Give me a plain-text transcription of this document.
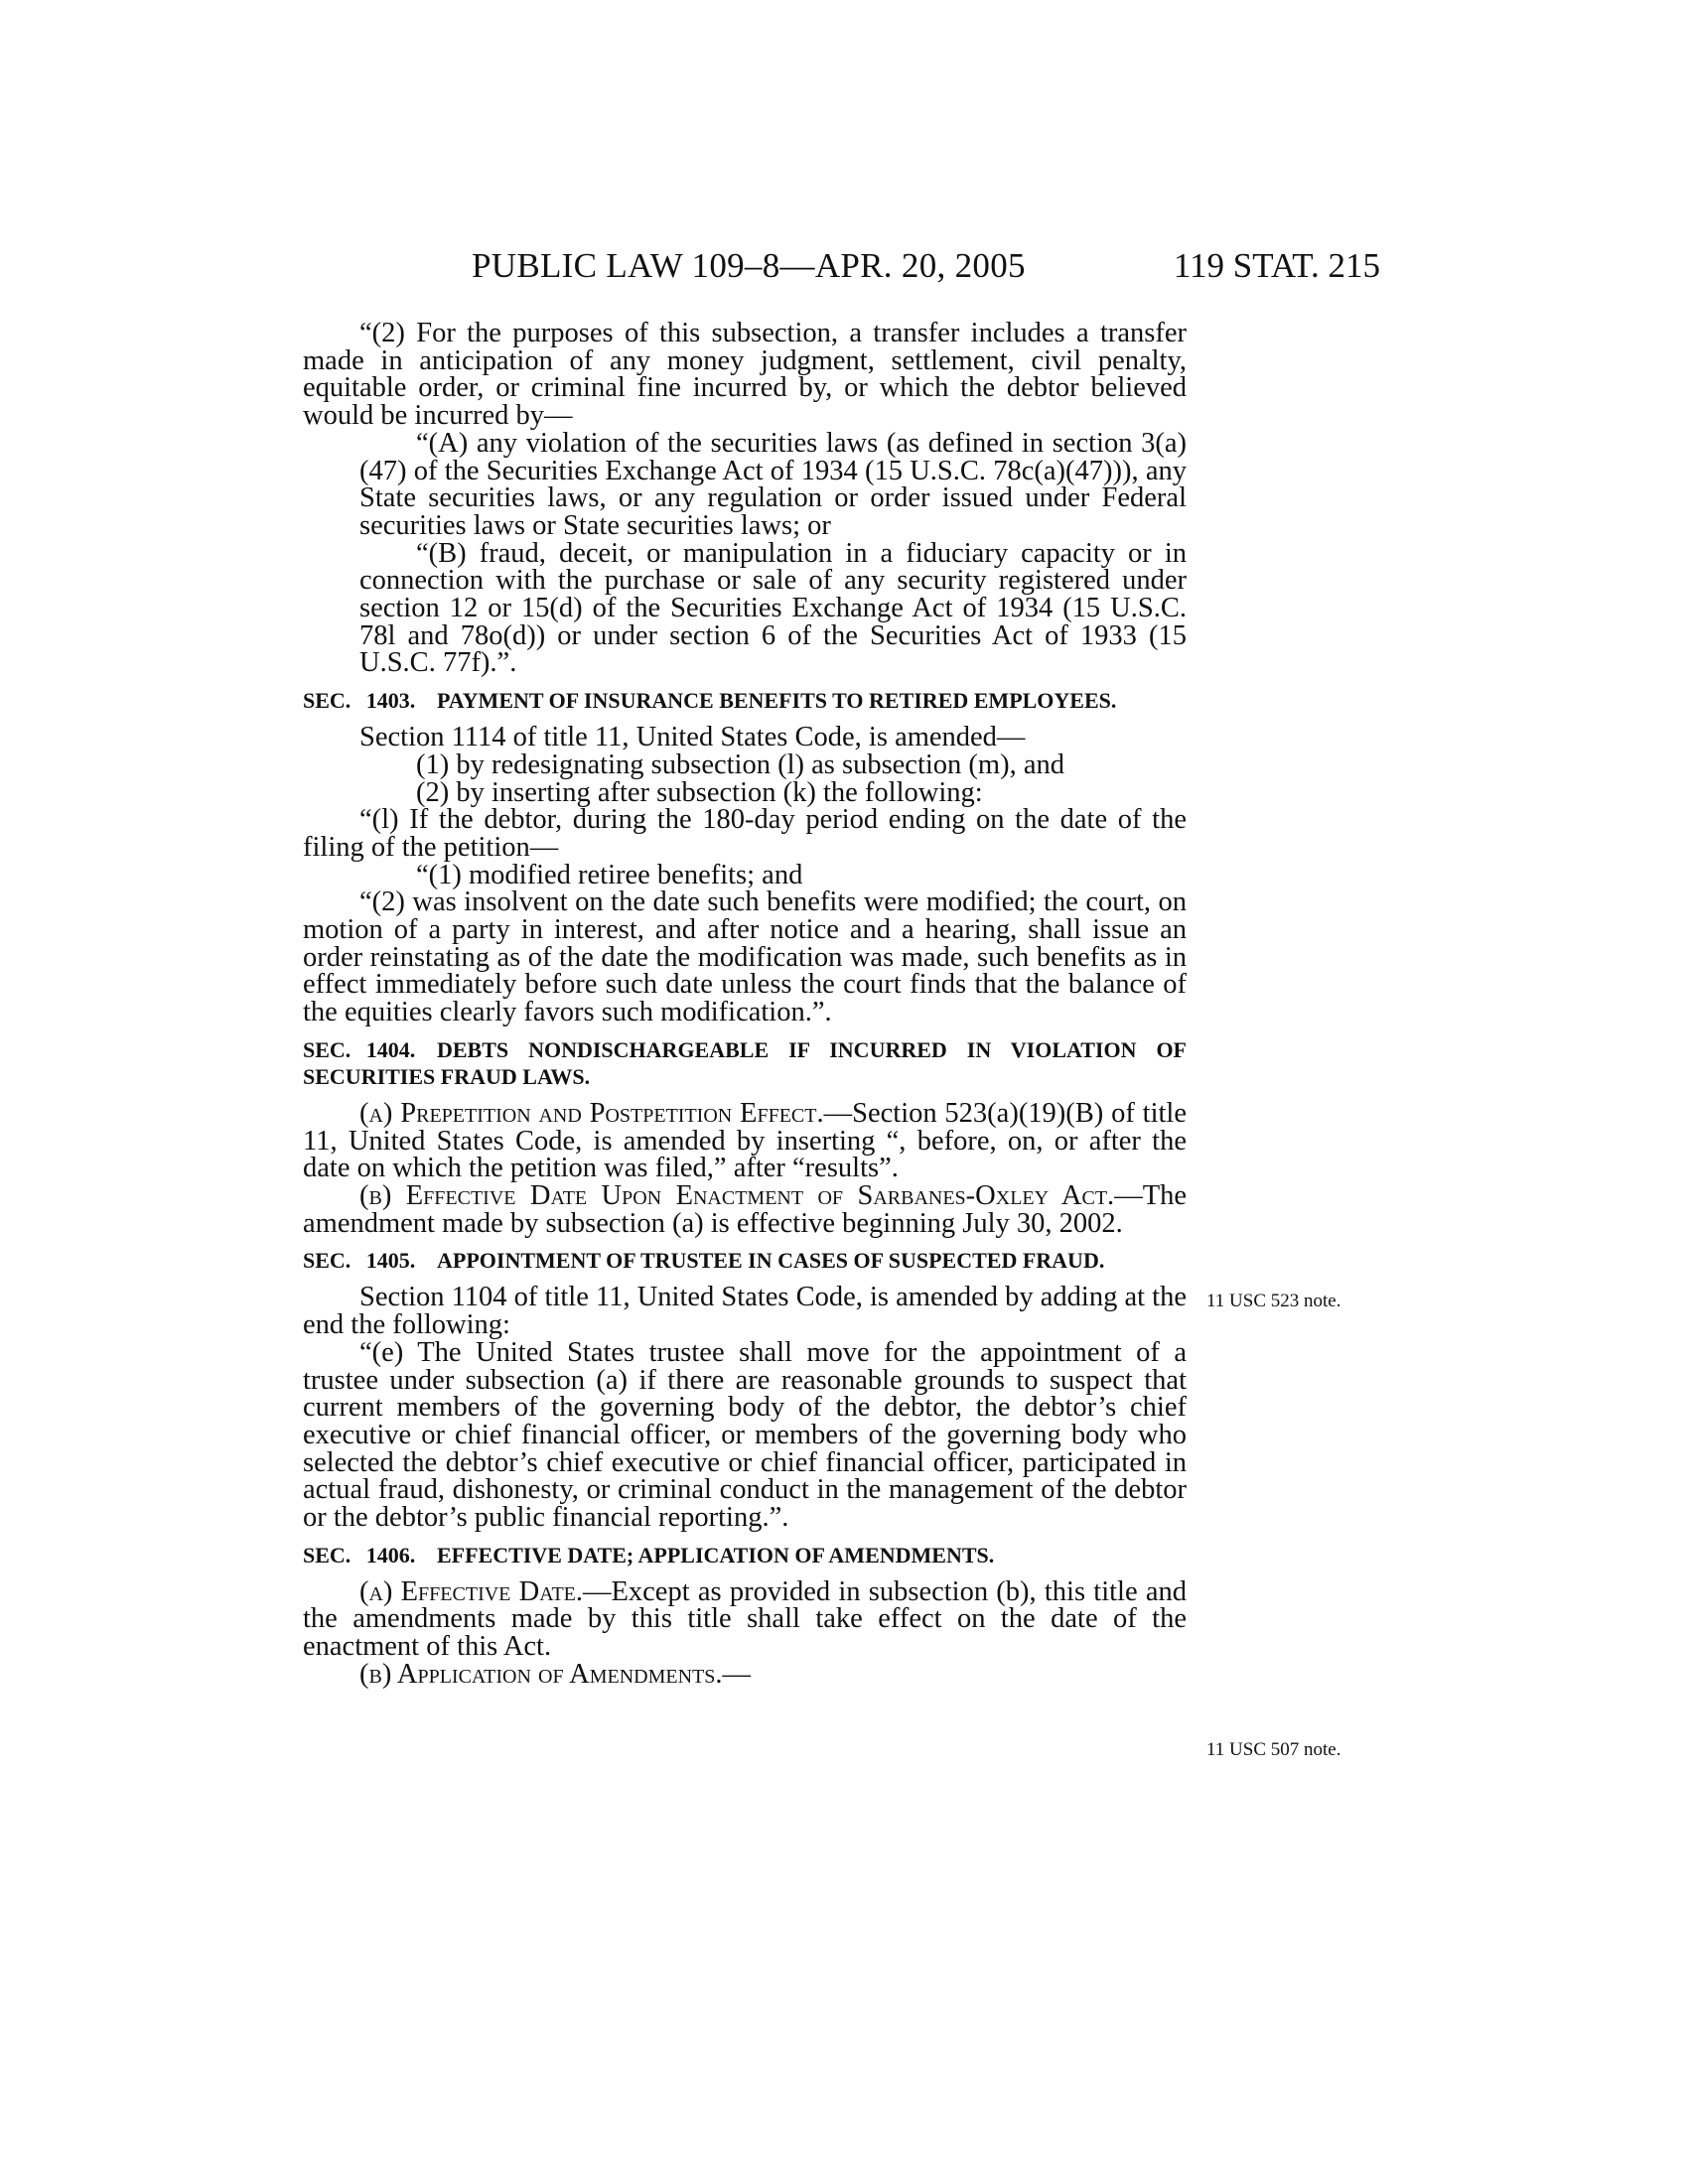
PUBLIC LAW 109–8—APR. 20, 2005	119 STAT. 215

“(2) For the purposes of this subsection, a transfer includes a transfer made in anticipation of any money judgment, settlement, civil penalty, equitable order, or criminal fine incurred by, or which the debtor believed would be incurred by—

“(A) any violation of the securities laws (as defined in section 3(a)(47) of the Securities Exchange Act of 1934 (15 U.S.C. 78c(a)(47))), any State securities laws, or any regulation or order issued under Federal securities laws or State securities laws; or

“(B) fraud, deceit, or manipulation in a fiduciary capacity or in connection with the purchase or sale of any security registered under section 12 or 15(d) of the Securities Exchange Act of 1934 (15 U.S.C. 78l and 78o(d)) or under section 6 of the Securities Act of 1933 (15 U.S.C. 77f).”.

SEC. 1403. PAYMENT OF INSURANCE BENEFITS TO RETIRED EMPLOYEES.

Section 1114 of title 11, United States Code, is amended—

(1) by redesignating subsection (l) as subsection (m), and

(2) by inserting after subsection (k) the following:

“(l) If the debtor, during the 180-day period ending on the date of the filing of the petition—

“(1) modified retiree benefits; and

“(2) was insolvent on the date such benefits were modified; the court, on motion of a party in interest, and after notice and a hearing, shall issue an order reinstating as of the date the modification was made, such benefits as in effect immediately before such date unless the court finds that the balance of the equities clearly favors such modification.”.

SEC. 1404. DEBTS NONDISCHARGEABLE IF INCURRED IN VIOLATION OF SECURITIES FRAUD LAWS.

(a) Prepetition and Postpetition Effect.—Section 523(a)(19)(B) of title 11, United States Code, is amended by inserting “, before, on, or after the date on which the petition was filed,” after “results”.

(b) Effective Date Upon Enactment of Sarbanes-Oxley Act.—The amendment made by subsection (a) is effective beginning July 30, 2002.

SEC. 1405. APPOINTMENT OF TRUSTEE IN CASES OF SUSPECTED FRAUD.

Section 1104 of title 11, United States Code, is amended by adding at the end the following:

“(e) The United States trustee shall move for the appointment of a trustee under subsection (a) if there are reasonable grounds to suspect that current members of the governing body of the debtor, the debtor’s chief executive or chief financial officer, or members of the governing body who selected the debtor’s chief executive or chief financial officer, participated in actual fraud, dishonesty, or criminal conduct in the management of the debtor or the debtor’s public financial reporting.”.

SEC. 1406. EFFECTIVE DATE; APPLICATION OF AMENDMENTS.

(a) Effective Date.—Except as provided in subsection (b), this title and the amendments made by this title shall take effect on the date of the enactment of this Act.

(b) Application of Amendments.—

11 USC 523 note.
11 USC 507 note.
